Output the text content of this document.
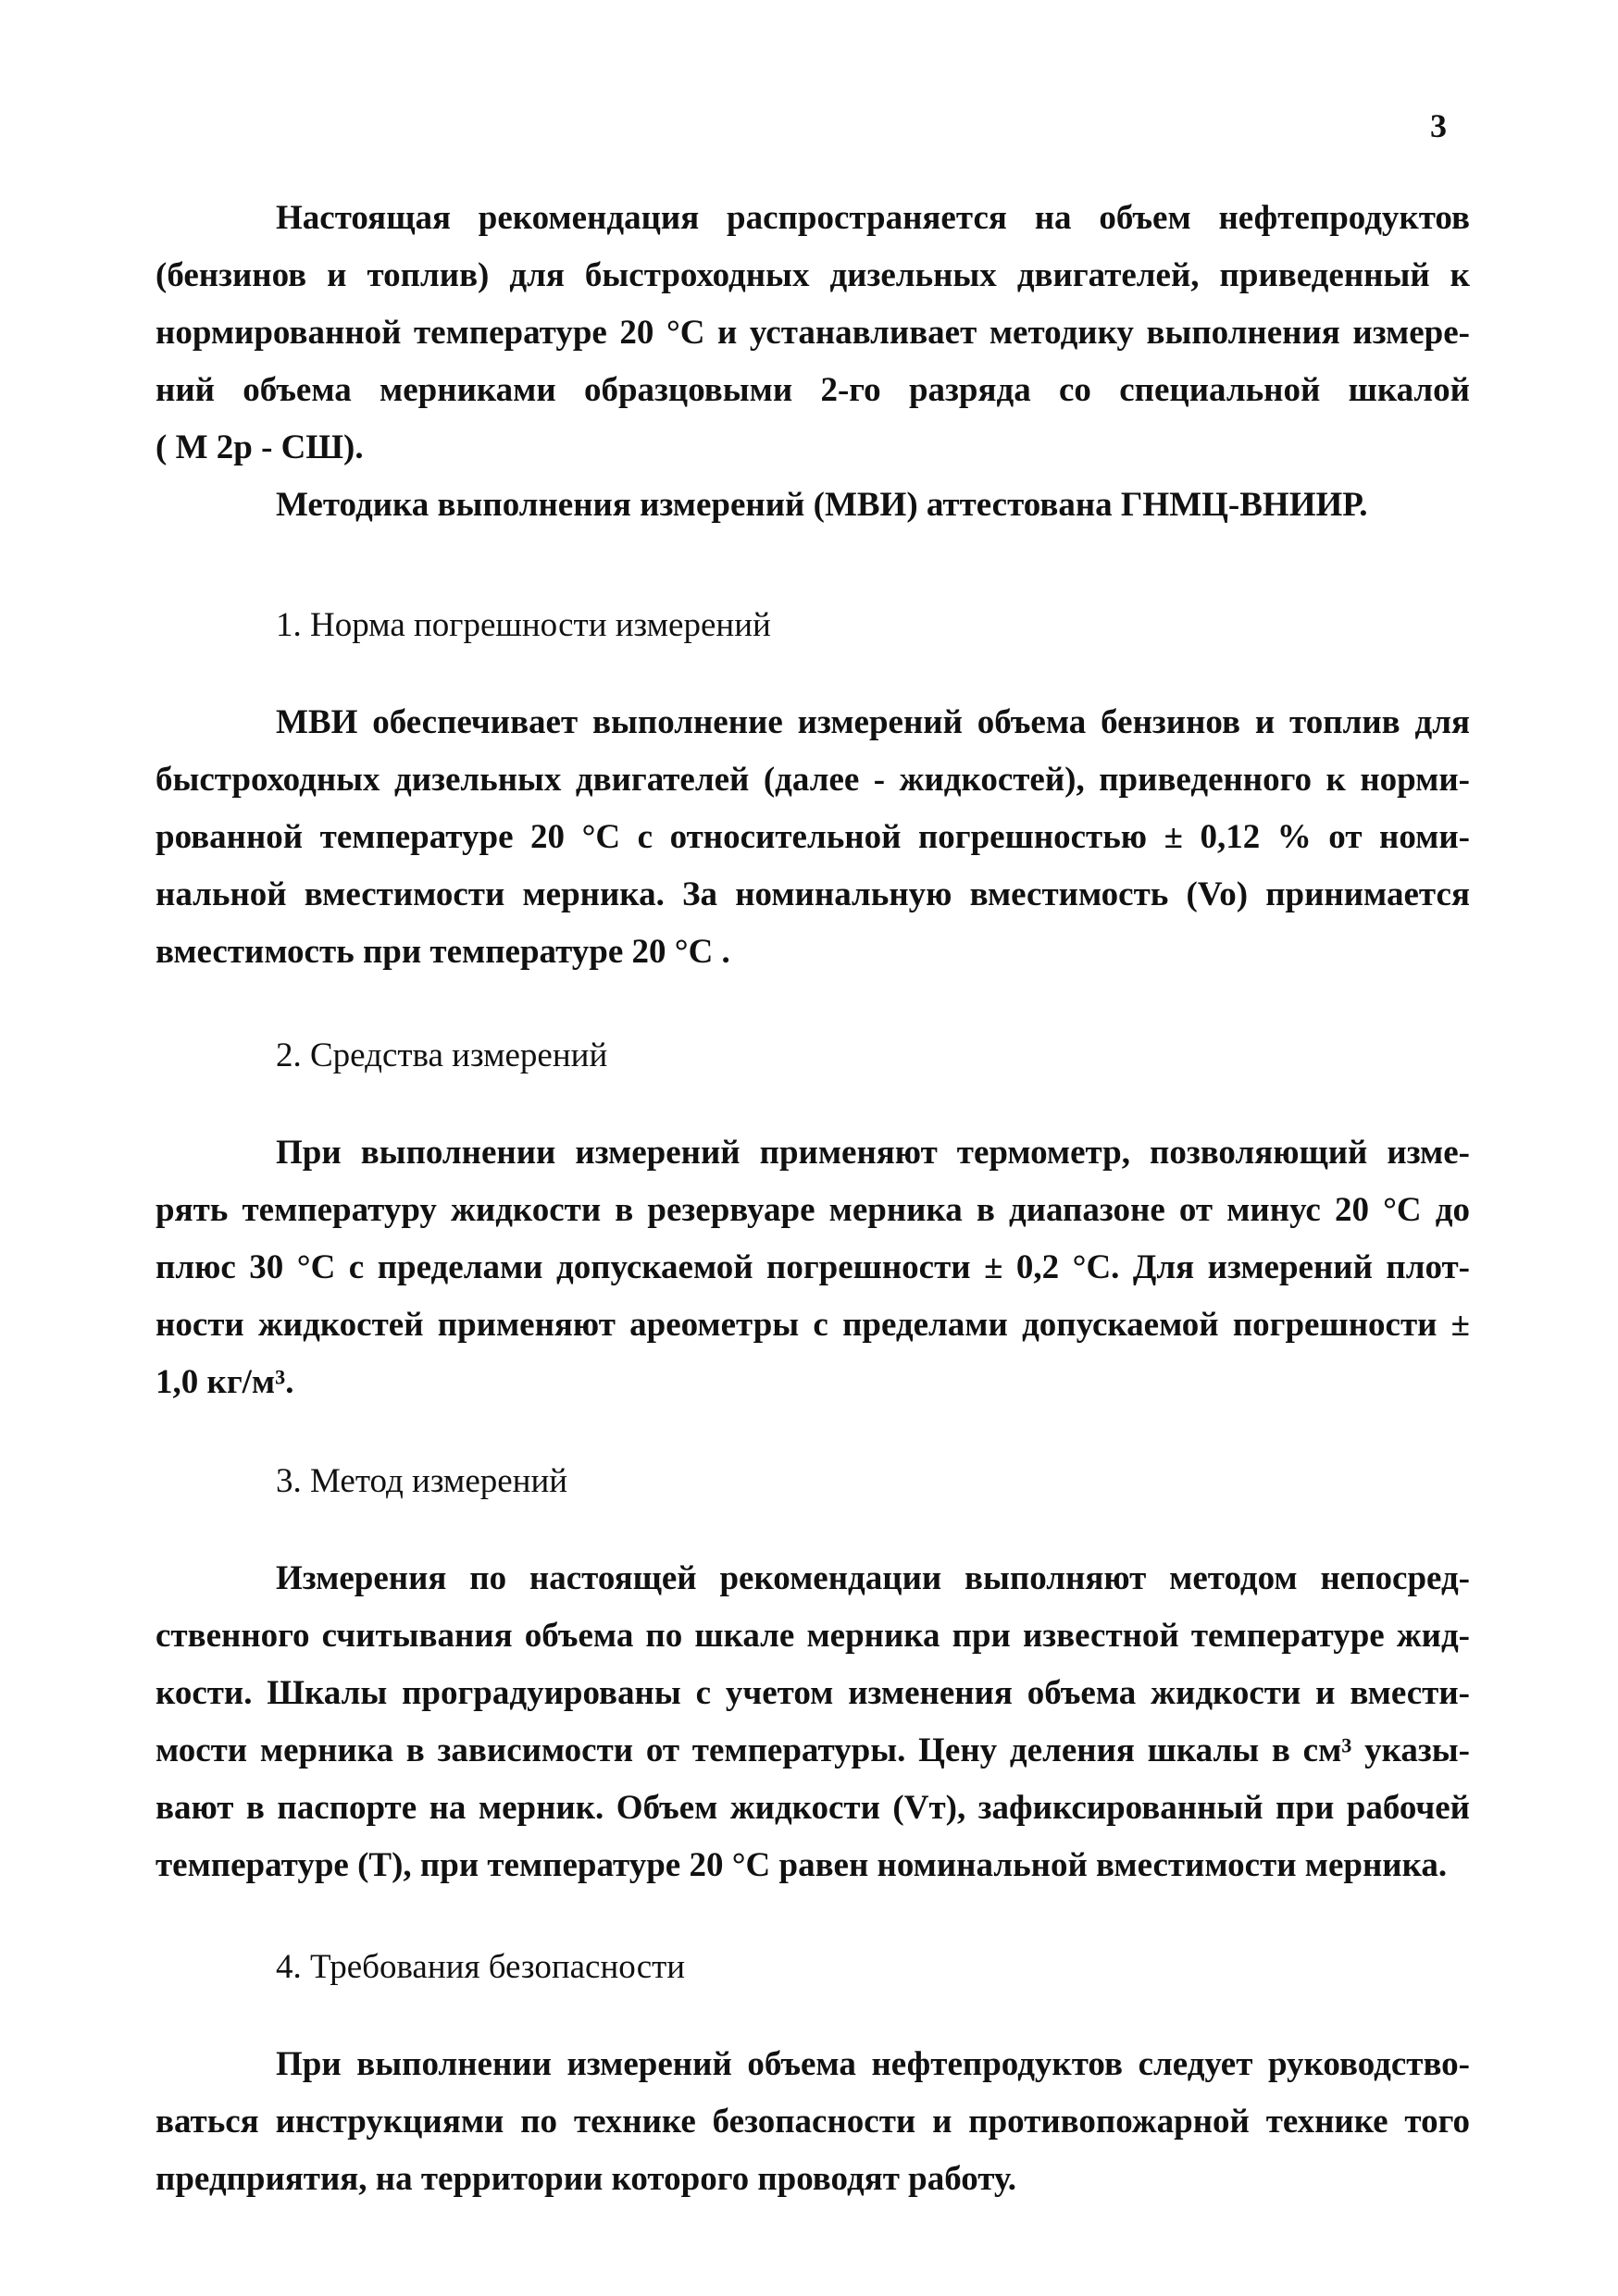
3
Настоящая рекомендация распространяется на объем нефтепродуктов
(бензинов и топлив) для быстроходных дизельных двигателей, приведенный к
нормированной температуре 20 °С и устанавливает методику выполнения измере-
ний объема мерниками образцовыми 2-го разряда со специальной шкалой
( М 2р - СШ).
Методика выполнения измерений (МВИ) аттестована ГНМЦ-ВНИИР.
1. Норма погрешности измерений
МВИ обеспечивает выполнение измерений объема бензинов и топлив для
быстроходных дизельных двигателей (далее - жидкостей), приведенного к норми-
рованной температуре 20 °С с относительной погрешностью ± 0,12 % от номи-
нальной вместимости мерника. За номинальную вместимость (Vo) принимается
вместимость при температуре 20 °С .
2. Средства измерений
При выполнении измерений применяют термометр, позволяющий изме-
рять температуру жидкости в резервуаре мерника в диапазоне от минус 20 °С до
плюс 30 °С с пределами допускаемой погрешности ± 0,2 °С. Для измерений плот-
ности жидкостей применяют ареометры с пределами допускаемой погрешности ±
1,0 кг/м³.
3. Метод измерений
Измерения по настоящей рекомендации выполняют методом непосред-
ственного считывания объема по шкале мерника при известной температуре жид-
кости. Шкалы проградуированы с учетом изменения объема жидкости и вмести-
мости мерника в зависимости от температуры. Цену деления шкалы в см³ указы-
вают в паспорте на мерник. Объем жидкости (Vт), зафиксированный при рабочей
температуре (Т), при температуре 20 °С равен номинальной вместимости мерника.
4. Требования безопасности
При выполнении измерений объема нефтепродуктов следует руководство-
ваться инструкциями по технике безопасности и противопожарной технике того
предприятия, на территории которого проводят работу.
